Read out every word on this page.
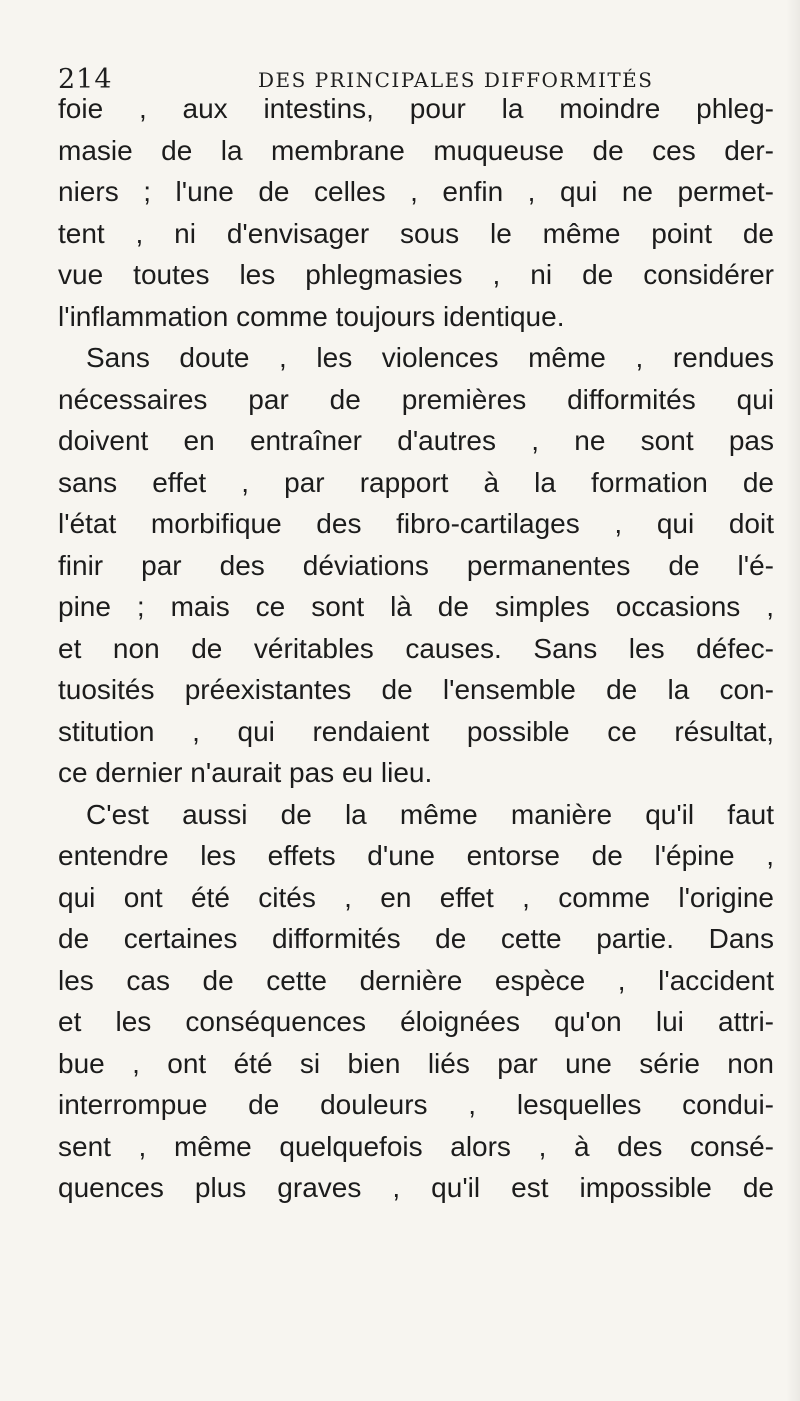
214	DES PRINCIPALES DIFFORMITÉS
foie , aux intestins, pour la moindre phleg-
masie de la membrane muqueuse de ces der-
niers ; l'une de celles , enfin , qui ne permet-
tent , ni d'envisager sous le même point de
vue toutes les phlegmasies , ni de considérer
l'inflammation comme toujours identique.
Sans doute , les violences même , rendues
nécessaires par de premières difformités qui
doivent en entraîner d'autres , ne sont pas
sans effet , par rapport à la formation de
l'état morbifique des fibro-cartilages , qui doit
finir par des déviations permanentes de l'é-
pine ; mais ce sont là de simples occasions ,
et non de véritables causes. Sans les défec-
tuosités préexistantes de l'ensemble de la con-
stitution , qui rendaient possible ce résultat,
ce dernier n'aurait pas eu lieu.
C'est aussi de la même manière qu'il faut
entendre les effets d'une entorse de l'épine ,
qui ont été cités , en effet , comme l'origine
de certaines difformités de cette partie. Dans
les cas de cette dernière espèce , l'accident
et les conséquences éloignées qu'on lui attri-
bue , ont été si bien liés par une série non
interrompue de douleurs , lesquelles condui-
sent , même quelquefois alors , à des consé-
quences plus graves , qu'il est impossible de
